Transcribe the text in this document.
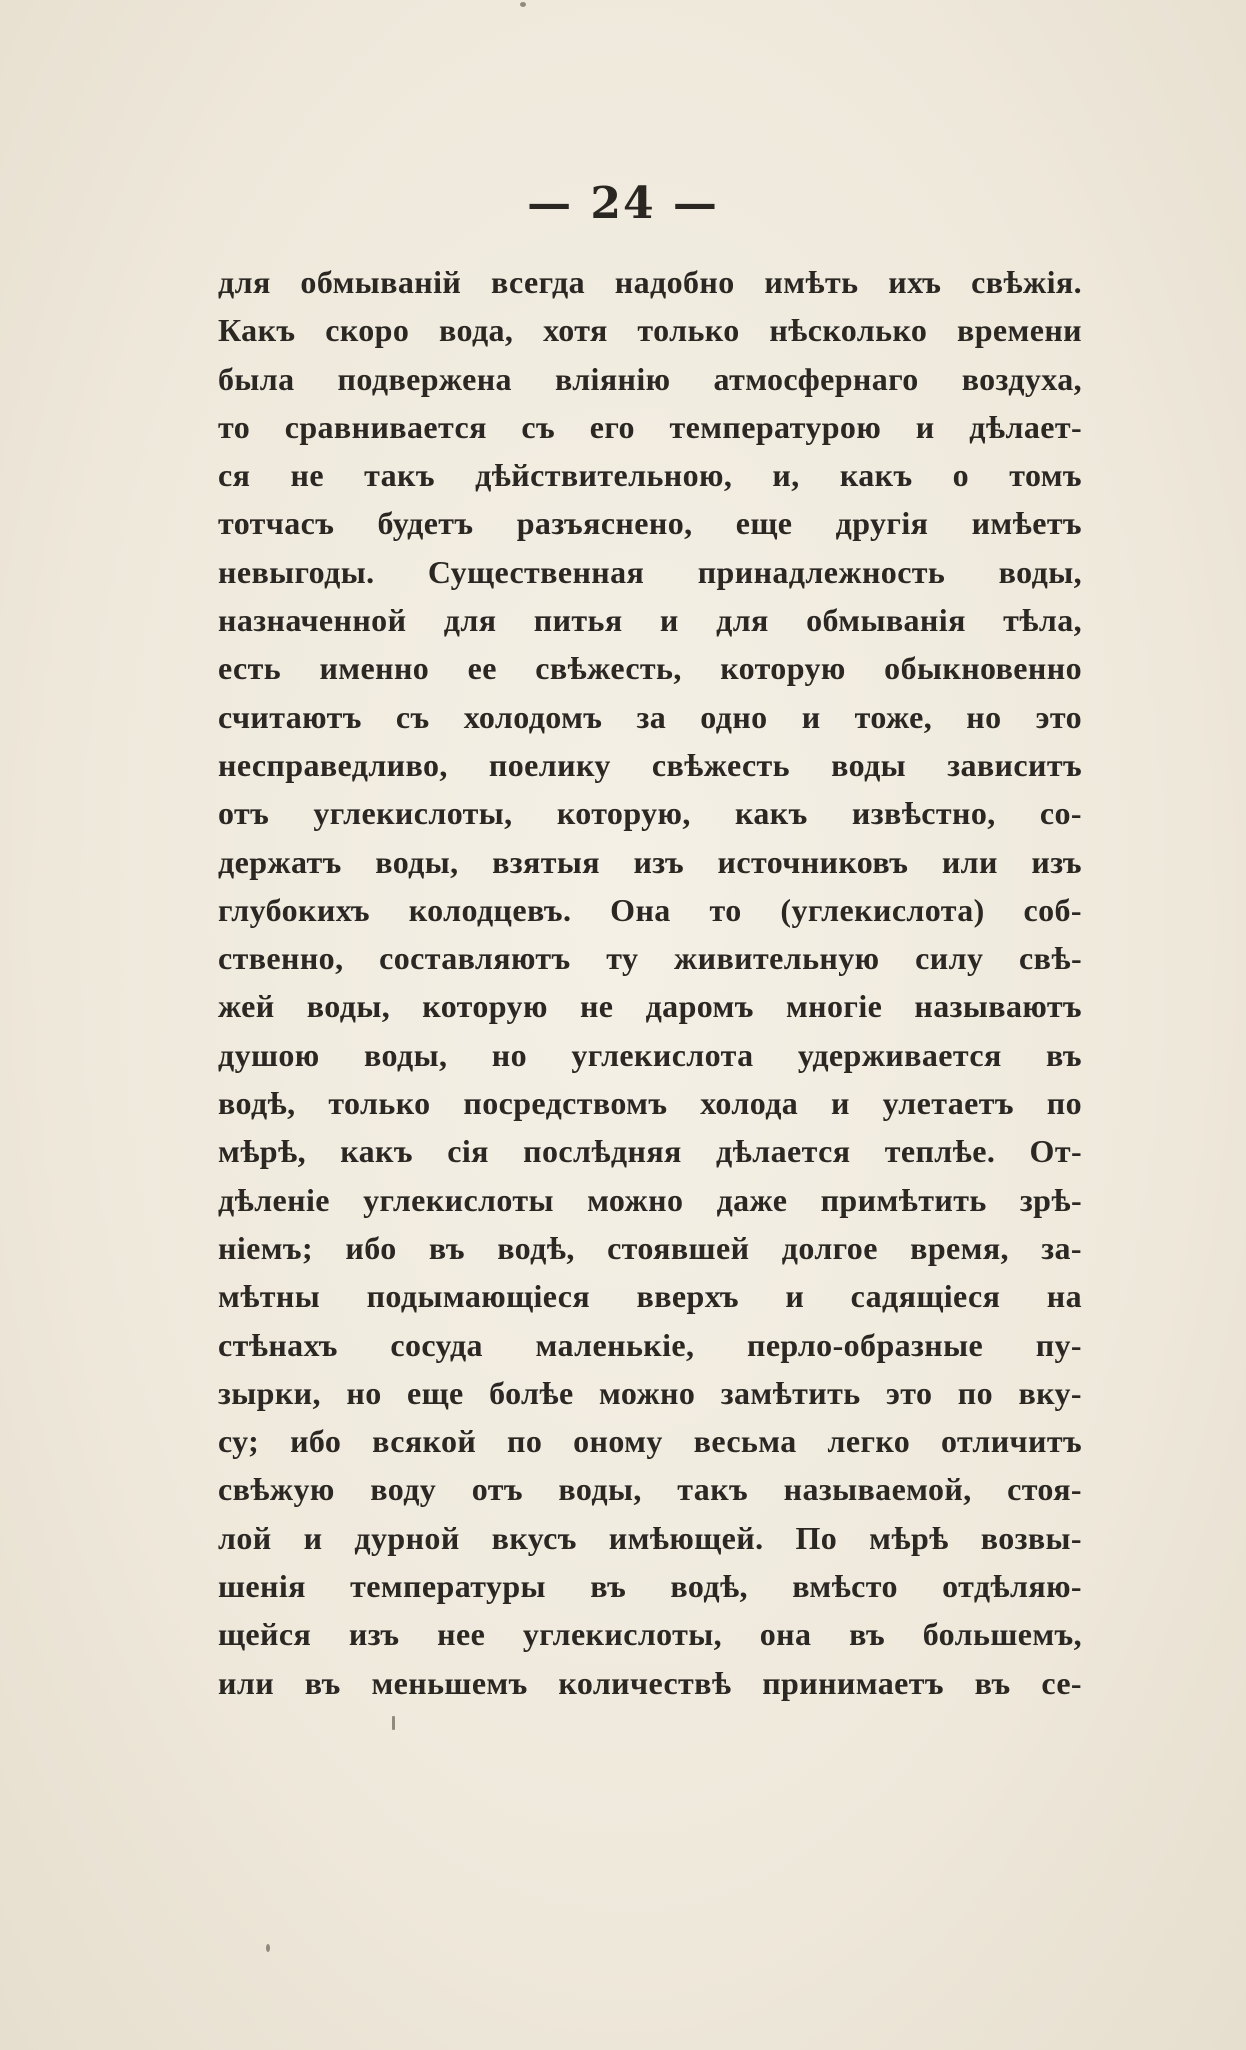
— 24 —
для обмыванiй всегда надобно имѣть ихъ свѣжiя.
Какъ скоро вода, хотя только нѣсколько времени
была подвержена влiянiю атмосфернаго воздуха,
то сравнивается съ его температурою и дѣлает-
ся не такъ дѣйствительною, и, какъ о томъ
тотчасъ будетъ разъяснено, еще другiя имѣетъ
невыгоды. Существенная принадлежность воды,
назначенной для питья и для обмыванiя тѣла,
есть именно ее свѣжесть, которую обыкновенно
считаютъ съ холодомъ за одно и тоже, но это
несправедливо, поелику свѣжесть воды зависитъ
отъ углекислоты, которую, какъ извѣстно, со-
держатъ воды, взятыя изъ источниковъ или изъ
глубокихъ колодцевъ. Она то (углекислота) соб-
ственно, составляютъ ту живительную силу свѣ-
жей воды, которую не даромъ многiе называютъ
душою воды, но углекислота удерживается въ
водѣ, только посредствомъ холода и улетаетъ по
мѣрѣ, какъ сiя послѣдняя дѣлается теплѣе. От-
дѣленiе углекислоты можно даже примѣтить зрѣ-
нiемъ; ибо въ водѣ, стоявшей долгое время, за-
мѣтны подымающiеся вверхъ и садящiеся на
стѣнахъ сосуда маленькiе, перло-образные пу-
зырки, но еще болѣе можно замѣтить это по вку-
су; ибо всякой по оному весьма легко отличитъ
свѣжую воду отъ воды, такъ называемой, стоя-
лой и дурной вкусъ имѣющей. По мѣрѣ возвы-
шенiя температуры въ водѣ, вмѣсто отдѣляю-
щейся изъ нее углекислоты, она въ большемъ,
или въ меньшемъ количествѣ принимаетъ въ се-
